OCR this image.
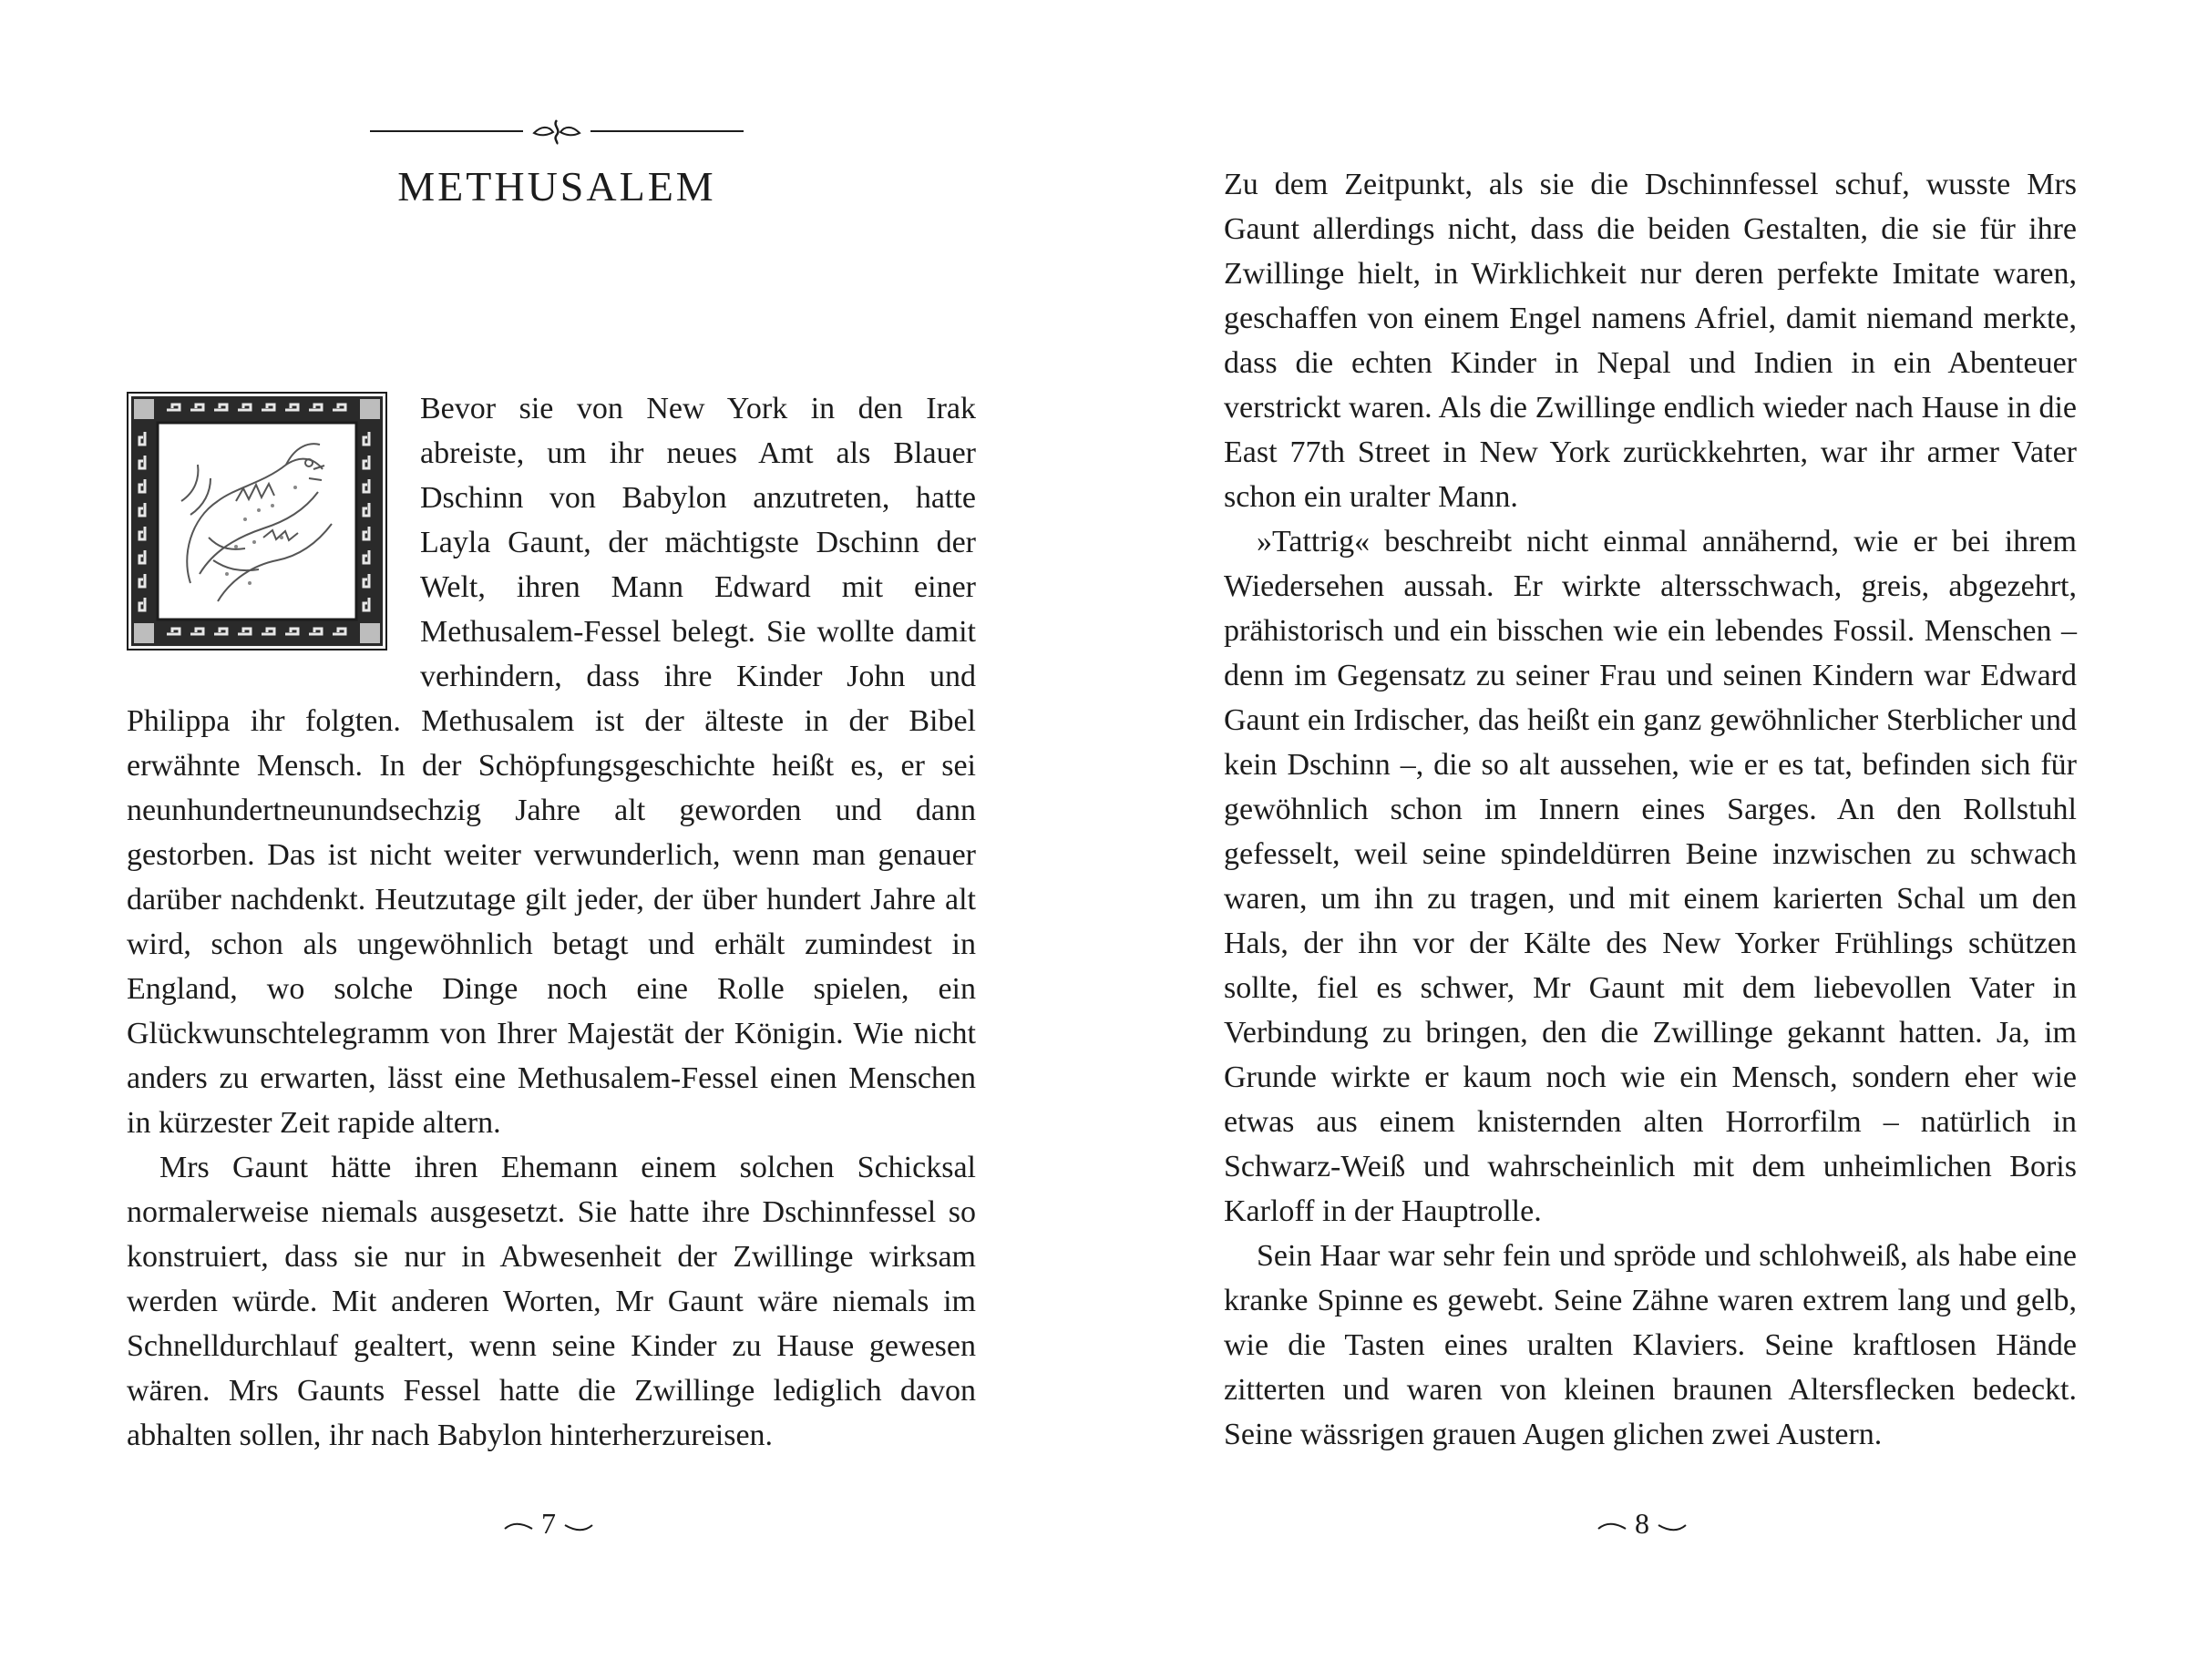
METHUSALEM

Bevor sie von New York in den Irak abreiste, um ihr neues Amt als Blauer Dschinn von Babylon anzutreten, hatte Layla Gaunt, der mächtigste Dschinn der Welt, ihren Mann Edward mit einer Methusalem-Fessel belegt. Sie wollte damit verhindern, dass ihre Kinder John und Philippa ihr folgten. Methusalem ist der älteste in der Bibel erwähnte Mensch. In der Schöpfungsgeschichte heißt es, er sei neunhundertneunundsechzig Jahre alt geworden und dann gestorben. Das ist nicht weiter verwunderlich, wenn man genauer darüber nachdenkt. Heutzutage gilt jeder, der über hundert Jahre alt wird, schon als ungewöhnlich betagt und erhält zumindest in England, wo solche Dinge noch eine Rolle spielen, ein Glückwunschtelegramm von Ihrer Majestät der Königin. Wie nicht anders zu erwarten, lässt eine Methusalem-Fessel einen Menschen in kürzester Zeit rapide altern.

Mrs Gaunt hätte ihren Ehemann einem solchen Schicksal normalerweise niemals ausgesetzt. Sie hatte ihre Dschinnfessel so konstruiert, dass sie nur in Abwesenheit der Zwillinge wirksam werden würde. Mit anderen Worten, Mr Gaunt wäre niemals im Schnelldurchlauf gealtert, wenn seine Kinder zu Hause gewesen wären. Mrs Gaunts Fessel hatte die Zwillinge lediglich davon abhalten sollen, ihr nach Babylon hinterherzureisen.

7

Zu dem Zeitpunkt, als sie die Dschinnfessel schuf, wusste Mrs Gaunt allerdings nicht, dass die beiden Gestalten, die sie für ihre Zwillinge hielt, in Wirklichkeit nur deren perfekte Imitate waren, geschaffen von einem Engel namens Afriel, damit niemand merkte, dass die echten Kinder in Nepal und Indien in ein Abenteuer verstrickt waren. Als die Zwillinge endlich wieder nach Hause in die East 77th Street in New York zurückkehrten, war ihr armer Vater schon ein uralter Mann.

»Tattrig« beschreibt nicht einmal annähernd, wie er bei ihrem Wiedersehen aussah. Er wirkte altersschwach, greis, abgezehrt, prähistorisch und ein bisschen wie ein lebendes Fossil. Menschen – denn im Gegensatz zu seiner Frau und seinen Kindern war Edward Gaunt ein Irdischer, das heißt ein ganz gewöhnlicher Sterblicher und kein Dschinn –, die so alt aussehen, wie er es tat, befinden sich für gewöhnlich schon im Innern eines Sarges. An den Rollstuhl gefesselt, weil seine spindeldürren Beine inzwischen zu schwach waren, um ihn zu tragen, und mit einem karierten Schal um den Hals, der ihn vor der Kälte des New Yorker Frühlings schützen sollte, fiel es schwer, Mr Gaunt mit dem liebevollen Vater in Verbindung zu bringen, den die Zwillinge gekannt hatten. Ja, im Grunde wirkte er kaum noch wie ein Mensch, sondern eher wie etwas aus einem knisternden alten Horrorfilm – natürlich in Schwarz-Weiß und wahrscheinlich mit dem unheimlichen Boris Karloff in der Hauptrolle.

Sein Haar war sehr fein und spröde und schlohweiß, als habe eine kranke Spinne es gewebt. Seine Zähne waren extrem lang und gelb, wie die Tasten eines uralten Klaviers. Seine kraftlosen Hände zitterten und waren von kleinen braunen Altersflecken bedeckt. Seine wässrigen grauen Augen glichen zwei Austern.

8
